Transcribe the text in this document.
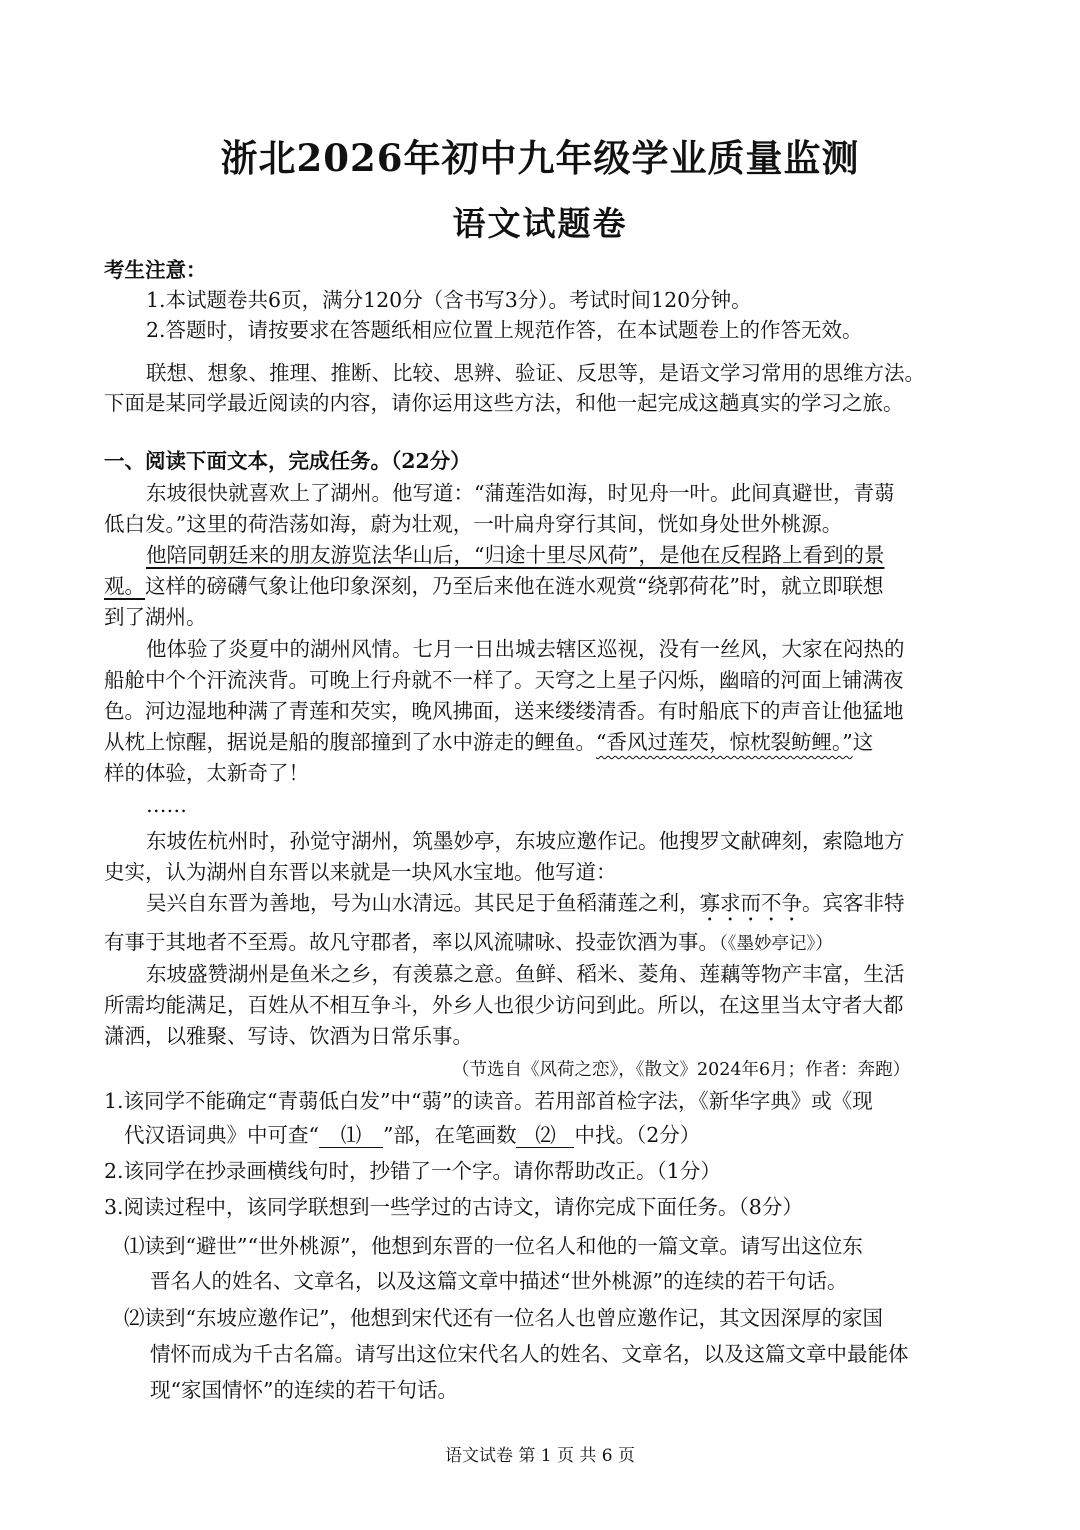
浙北2026年初中九年级学业质量监测
语文试题卷
考生注意：
1.本试题卷共6页，满分120分（含书写3分）。考试时间120分钟。
2.答题时，请按要求在答题纸相应位置上规范作答，在本试题卷上的作答无效。
联想、想象、推理、推断、比较、思辨、验证、反思等，是语文学习常用的思维方法。
下面是某同学最近阅读的内容，请你运用这些方法，和他一起完成这趟真实的学习之旅。
一、阅读下面文本，完成任务。（22分）
东坡很快就喜欢上了湖州。他写道：“蒲莲浩如海，时见舟一叶。此间真避世，青蒻
低白发。”这里的荷浩荡如海，蔚为壮观，一叶扁舟穿行其间，恍如身处世外桃源。
他陪同朝廷来的朋友游览法华山后，“归途十里尽风荷”，是他在反程路上看到的景
观。这样的磅礴气象让他印象深刻，乃至后来他在涟水观赏“绕郭荷花”时，就立即联想
到了湖州。
他体验了炎夏中的湖州风情。七月一日出城去辖区巡视，没有一丝风，大家在闷热的
船舱中个个汗流浃背。可晚上行舟就不一样了。天穹之上星子闪烁，幽暗的河面上铺满夜
色。河边湿地种满了青莲和芡实，晚风拂面，送来缕缕清香。有时船底下的声音让他猛地
从枕上惊醒，据说是船的腹部撞到了水中游走的鲤鱼。“香风过莲芡，惊枕裂鲂鲤。”这
样的体验，太新奇了！
……
东坡佐杭州时，孙觉守湖州，筑墨妙亭，东坡应邀作记。他搜罗文献碑刻，索隐地方
史实，认为湖州自东晋以来就是一块风水宝地。他写道：
吴兴自东晋为善地，号为山水清远。其民足于鱼稻蒲莲之利，寡求而不争。宾客非特
有事于其地者不至焉。故凡守郡者，率以风流啸咏、投壶饮酒为事。（《墨妙亭记》）
东坡盛赞湖州是鱼米之乡，有羡慕之意。鱼鲜、稻米、菱角、莲藕等物产丰富，生活
所需均能满足，百姓从不相互争斗，外乡人也很少访问到此。所以，在这里当太守者大都
潇洒，以雅聚、写诗、饮酒为日常乐事。
（节选自《风荷之恋》，《散文》2024年6月；作者：奔跑）
1.该同学不能确定“青蒻低白发”中“蒻”的读音。若用部首检字法，《新华字典》或《现
代汉语词典》中可查“ ⑴ ”部，在笔画数 ⑵ 中找。（2分）
2.该同学在抄录画横线句时，抄错了一个字。请你帮助改正。（1分）
3.阅读过程中，该同学联想到一些学过的古诗文，请你完成下面任务。（8分）
⑴读到“避世”“世外桃源”，他想到东晋的一位名人和他的一篇文章。请写出这位东
晋名人的姓名、文章名，以及这篇文章中描述“世外桃源”的连续的若干句话。
⑵读到“东坡应邀作记”，他想到宋代还有一位名人也曾应邀作记，其文因深厚的家国
情怀而成为千古名篇。请写出这位宋代名人的姓名、文章名，以及这篇文章中最能体
现“家国情怀”的连续的若干句话。
语文试卷 第 1 页 共 6 页
